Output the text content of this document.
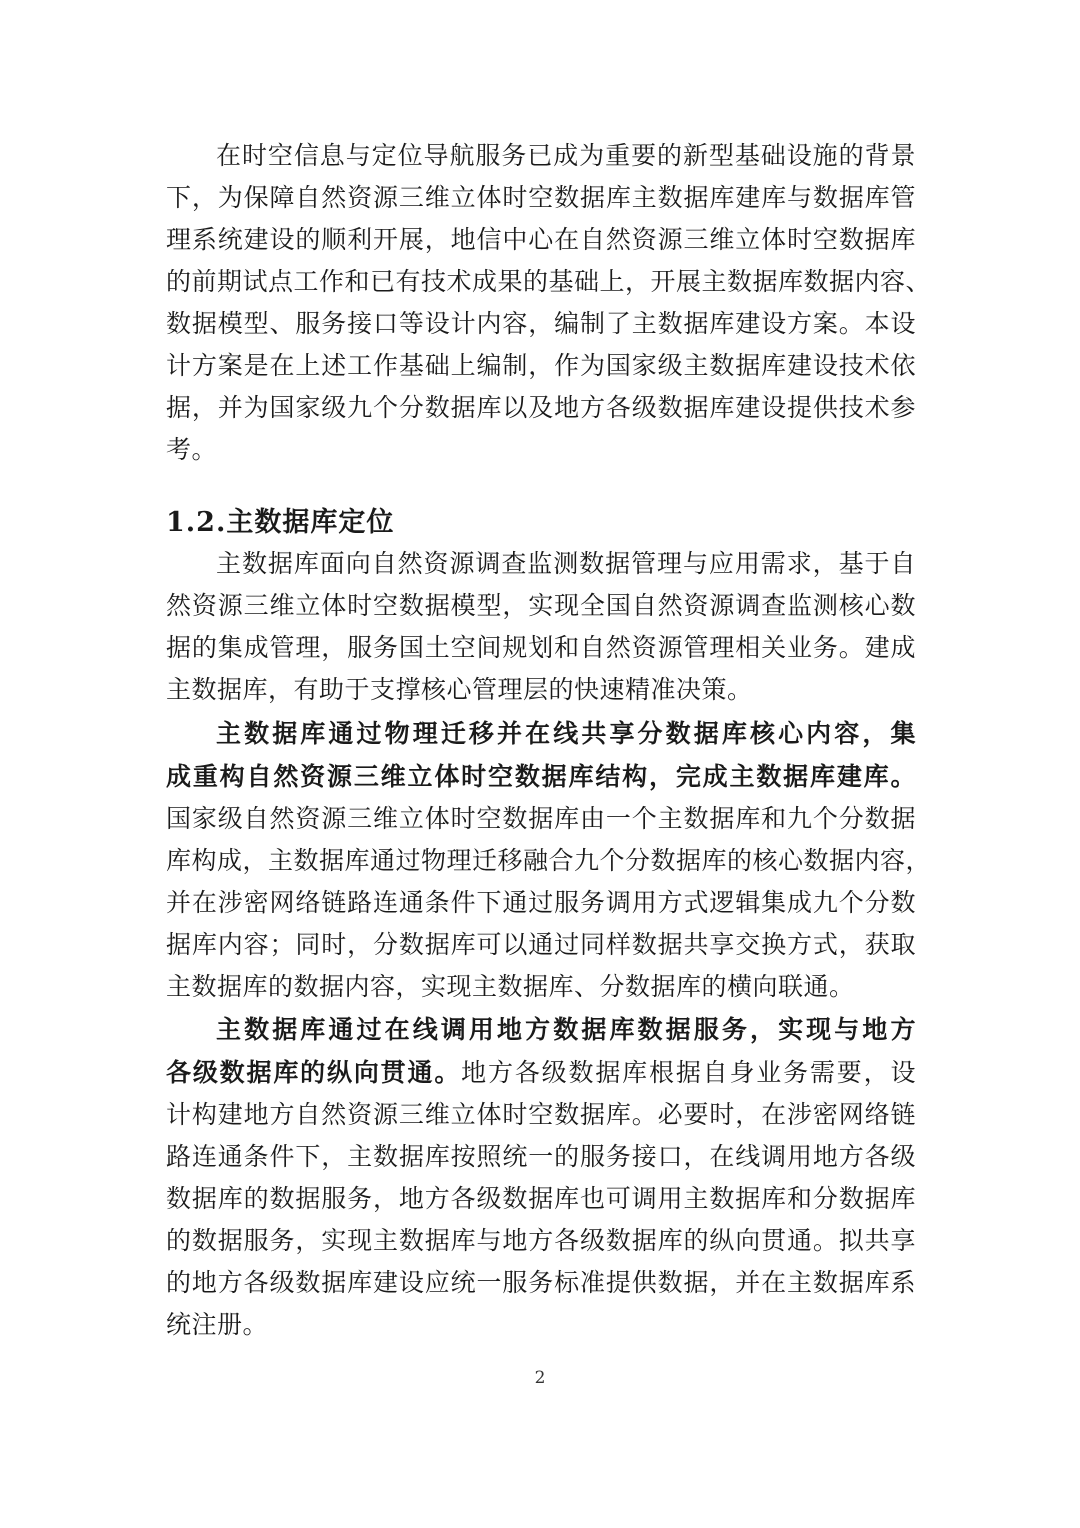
在时空信息与定位导航服务已成为重要的新型基础设施的背景
下，为保障自然资源三维立体时空数据库主数据库建库与数据库管
理系统建设的顺利开展，地信中心在自然资源三维立体时空数据库
的前期试点工作和已有技术成果的基础上，开展主数据库数据内容、
数据模型、服务接口等设计内容，编制了主数据库建设方案。本设
计方案是在上述工作基础上编制，作为国家级主数据库建设技术依
据，并为国家级九个分数据库以及地方各级数据库建设提供技术参
考。
1.2.主数据库定位
主数据库面向自然资源调查监测数据管理与应用需求，基于自
然资源三维立体时空数据模型，实现全国自然资源调查监测核心数
据的集成管理，服务国土空间规划和自然资源管理相关业务。建成
主数据库，有助于支撑核心管理层的快速精准决策。
主数据库通过物理迁移并在线共享分数据库核心内容，集
成重构自然资源三维立体时空数据库结构，完成主数据库建库。
国家级自然资源三维立体时空数据库由一个主数据库和九个分数据
库构成，主数据库通过物理迁移融合九个分数据库的核心数据内容，
并在涉密网络链路连通条件下通过服务调用方式逻辑集成九个分数
据库内容；同时，分数据库可以通过同样数据共享交换方式，获取
主数据库的数据内容，实现主数据库、分数据库的横向联通。
主数据库通过在线调用地方数据库数据服务，实现与地方
各级数据库的纵向贯通。地方各级数据库根据自身业务需要，设
计构建地方自然资源三维立体时空数据库。必要时，在涉密网络链
路连通条件下，主数据库按照统一的服务接口，在线调用地方各级
数据库的数据服务，地方各级数据库也可调用主数据库和分数据库
的数据服务，实现主数据库与地方各级数据库的纵向贯通。拟共享
的地方各级数据库建设应统一服务标准提供数据，并在主数据库系
统注册。
2
